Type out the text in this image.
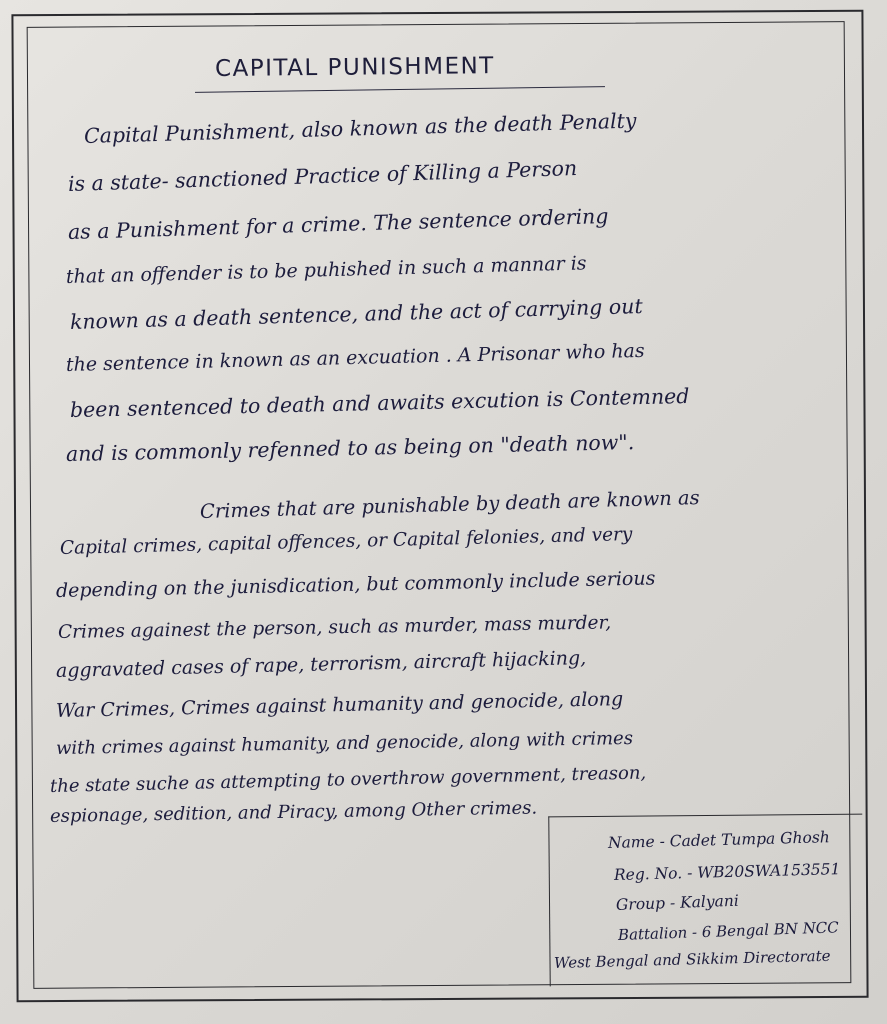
CAPITAL PUNISHMENT
Capital Punishment, also known as the death Penalty
is a state- sanctioned Practice of Killing a Person
as a Punishment for a crime. The sentence ordering
that an offender is to be puhished in such a mannar is
known as a death sentence, and the act of carrying out
the sentence in known as an excuation . A Prisonar who has
been sentenced to death and awaits excution is Contemned
and is commonly refenned to as being on "death now".
Crimes that are punishable by death are known as
Capital crimes, capital offences, or Capital felonies, and very
depending on the junisdication, but commonly include serious
Crimes againest the person, such as murder, mass murder,
aggravated cases of rape, terrorism, aircraft hijacking,
War Crimes, Crimes against humanity and genocide, along
with crimes against humanity, and genocide, along with crimes
the state suche as attempting to overthrow government, treason,
espionage, sedition, and Piracy, among Other crimes.
Name - Cadet Tumpa Ghosh
Reg. No. - WB20SWA153551
Group - Kalyani
Battalion - 6 Bengal BN NCC
West Bengal and Sikkim Directorate
